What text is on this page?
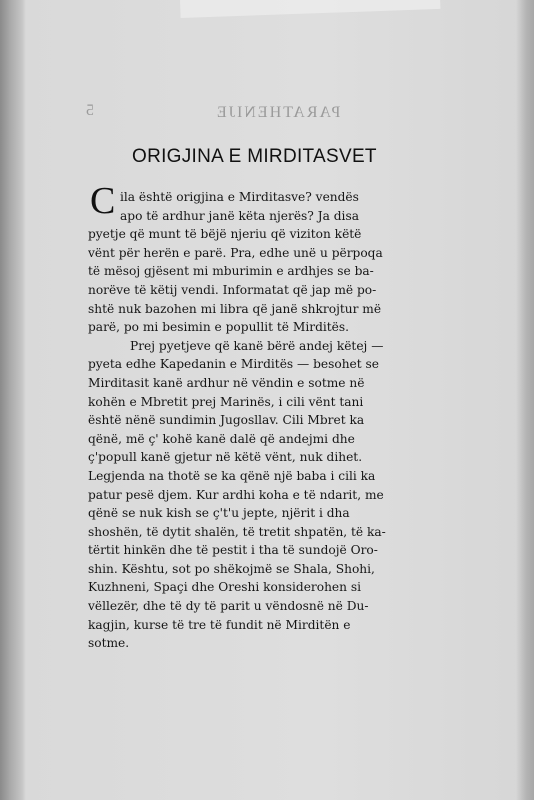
5	PARATHENIJE
ORIGJINA E MIRDITASVET
C ila është origjina e Mirditasve? vendës
apo të ardhur janë këta njerës? Ja disa
pyetje që munt të bëjë njeriu që viziton këtë
vënt për herën e parë. Pra, edhe unë u përpoqa
të mësoj gjësent mi mburimin e ardhjes se ba-
norëve të këtij vendi. Informatat që jap më po-
shtë nuk bazohen mi libra që janë shkrojtur më
parë, po mi besimin e popullit të Mirditës.
Prej pyetjeve që kanë bërë andej këtej —
pyeta edhe Kapedanin e Mirditës — besohet se
Mirditasit kanë ardhur në vëndin e sotme në
kohën e Mbretit prej Marinës, i cili vënt tani
është nënë sundimin Jugosllav. Cili Mbret ka
qënë, më ç' kohë kanë dalë që andejmi dhe
ç'popull kanë gjetur në këtë vënt, nuk dihet.
Legjenda na thotë se ka qënë një baba i cili ka
patur pesë djem. Kur ardhi koha e të ndarit, me
qënë se nuk kish se ç't'u jepte, njërit i dha
shoshën, të dytit shalën, të tretit shpatën, të ka-
tërtit hinkën dhe të pestit i tha të sundojë Oro-
shin. Kështu, sot po shëkojmë se Shala, Shohi,
Kuzhneni, Spaçi dhe Oreshi konsiderohen si
vëllezër, dhe të dy të parit u vëndosnë në Du-
kagjin, kurse të tre të fundit në Mirditën e
sotme.
